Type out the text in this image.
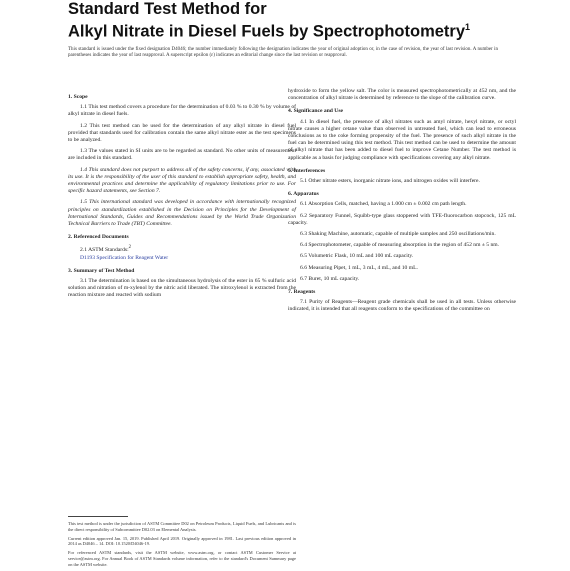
Standard Test Method for
Alkyl Nitrate in Diesel Fuels by Spectrophotometry$^1$
This standard is issued under the fixed designation D4046; the number immediately following the designation indicates the year of original adoption or, in the case of revision, the year of last revision. A number in parentheses indicates the year of last reapproval. A superscript epsilon (ε) indicates an editorial change since the last revision or reapproval.
1. Scope

1.1 This test method covers a procedure for the determination of 0.03 % to 0.30 % by volume of alkyl nitrate in diesel fuels.

1.2 This test method can be used for the determination of any alkyl nitrate in diesel fuel provided that standards used for calibration contain the same alkyl nitrate ester as the test specimens to be analyzed.

1.3 The values stated in SI units are to be regarded as standard. No other units of measurement are included in this standard.

1.4 This standard does not purport to address all of the safety concerns, if any, associated with its use. It is the responsibility of the user of this standard to establish appropriate safety, health, and environmental practices and determine the applicability of regulatory limitations prior to use. For specific hazard statements, see Section 7.

1.5 This international standard was developed in accordance with internationally recognized principles on standardization established in the Decision on Principles for the Development of International Standards, Guides and Recommendations issued by the World Trade Organization Technical Barriers to Trade (TBT) Committee.

2. Referenced Documents
2.1 ASTM Standards:$^2$
D1193 Specification for Reagent Water
3. Summary of Test Method

3.1 The determination is based on the simultaneous hydrolysis of the ester in 65 % sulfuric acid solution and nitration of m-xylenol by the nitric acid liberated. The nitroxylenol is extracted from the reaction mixture and reacted with sodium

This test method is under the jurisdiction of ASTM Committee D02 on Petroleum Products, Liquid Fuels, and Lubricants and is the direct responsibility of Subcommittee D02.03 on Elemental Analysis.

Current edition approved Jan. 15, 2019. Published April 2019. Originally approved in 1981. Last previous edition approved in 2014 as D4046 – 14. DOI: 10.1520/D4046-19.

For referenced ASTM standards, visit the ASTM website, www.astm.org, or contact ASTM Customer Service at service@astm.org. For Annual Book of ASTM Standards volume information, refer to the standard's Document Summary page on the ASTM website.

hydroxide to form the yellow salt. The color is measured spectrophotometrically at 452 nm, and the concentration of alkyl nitrate is determined by reference to the slope of the calibration curve.

4. Significance and Use

4.1 In diesel fuel, the presence of alkyl nitrates such as amyl nitrate, hexyl nitrate, or octyl nitrate causes a higher cetane value than observed in untreated fuel, which can lead to erroneous conclusions as to the coke forming propensity of the fuel. The presence of such alkyl nitrate in the fuel can be determined using this test method. This test method can be used to determine the amount of alkyl nitrate that has been added to diesel fuel to improve Cetane Number. The test method is applicable as a basis for judging compliance with specifications covering any alkyl nitrate.

5. Interferences

5.1 Other nitrate esters, inorganic nitrate ions, and nitrogen oxides will interfere.

6. Apparatus

6.1 Absorption Cells, matched, having a 1.000 cm ± 0.002 cm path length.

6.2 Separatory Funnel, Squibb-type glass stoppered with TFE-fluorocarbon stopcock, 125 mL capacity.

6.3 Shaking Machine, automatic, capable of multiple samples and 250 oscillations/min.

6.4 Spectrophotometer, capable of measuring absorption in the region of 452 nm ± 5 nm.

6.5 Volumetric Flask, 10 mL and 100 mL capacity.

6.6 Measuring Pipet, 1 mL, 3 mL, 4 mL, and 10 mL.

6.7 Buret, 10 mL capacity.

7. Reagents

7.1 Purity of Reagents—Reagent grade chemicals shall be used in all tests. Unless otherwise indicated, it is intended that all reagents conform to the specifications of the committee on
